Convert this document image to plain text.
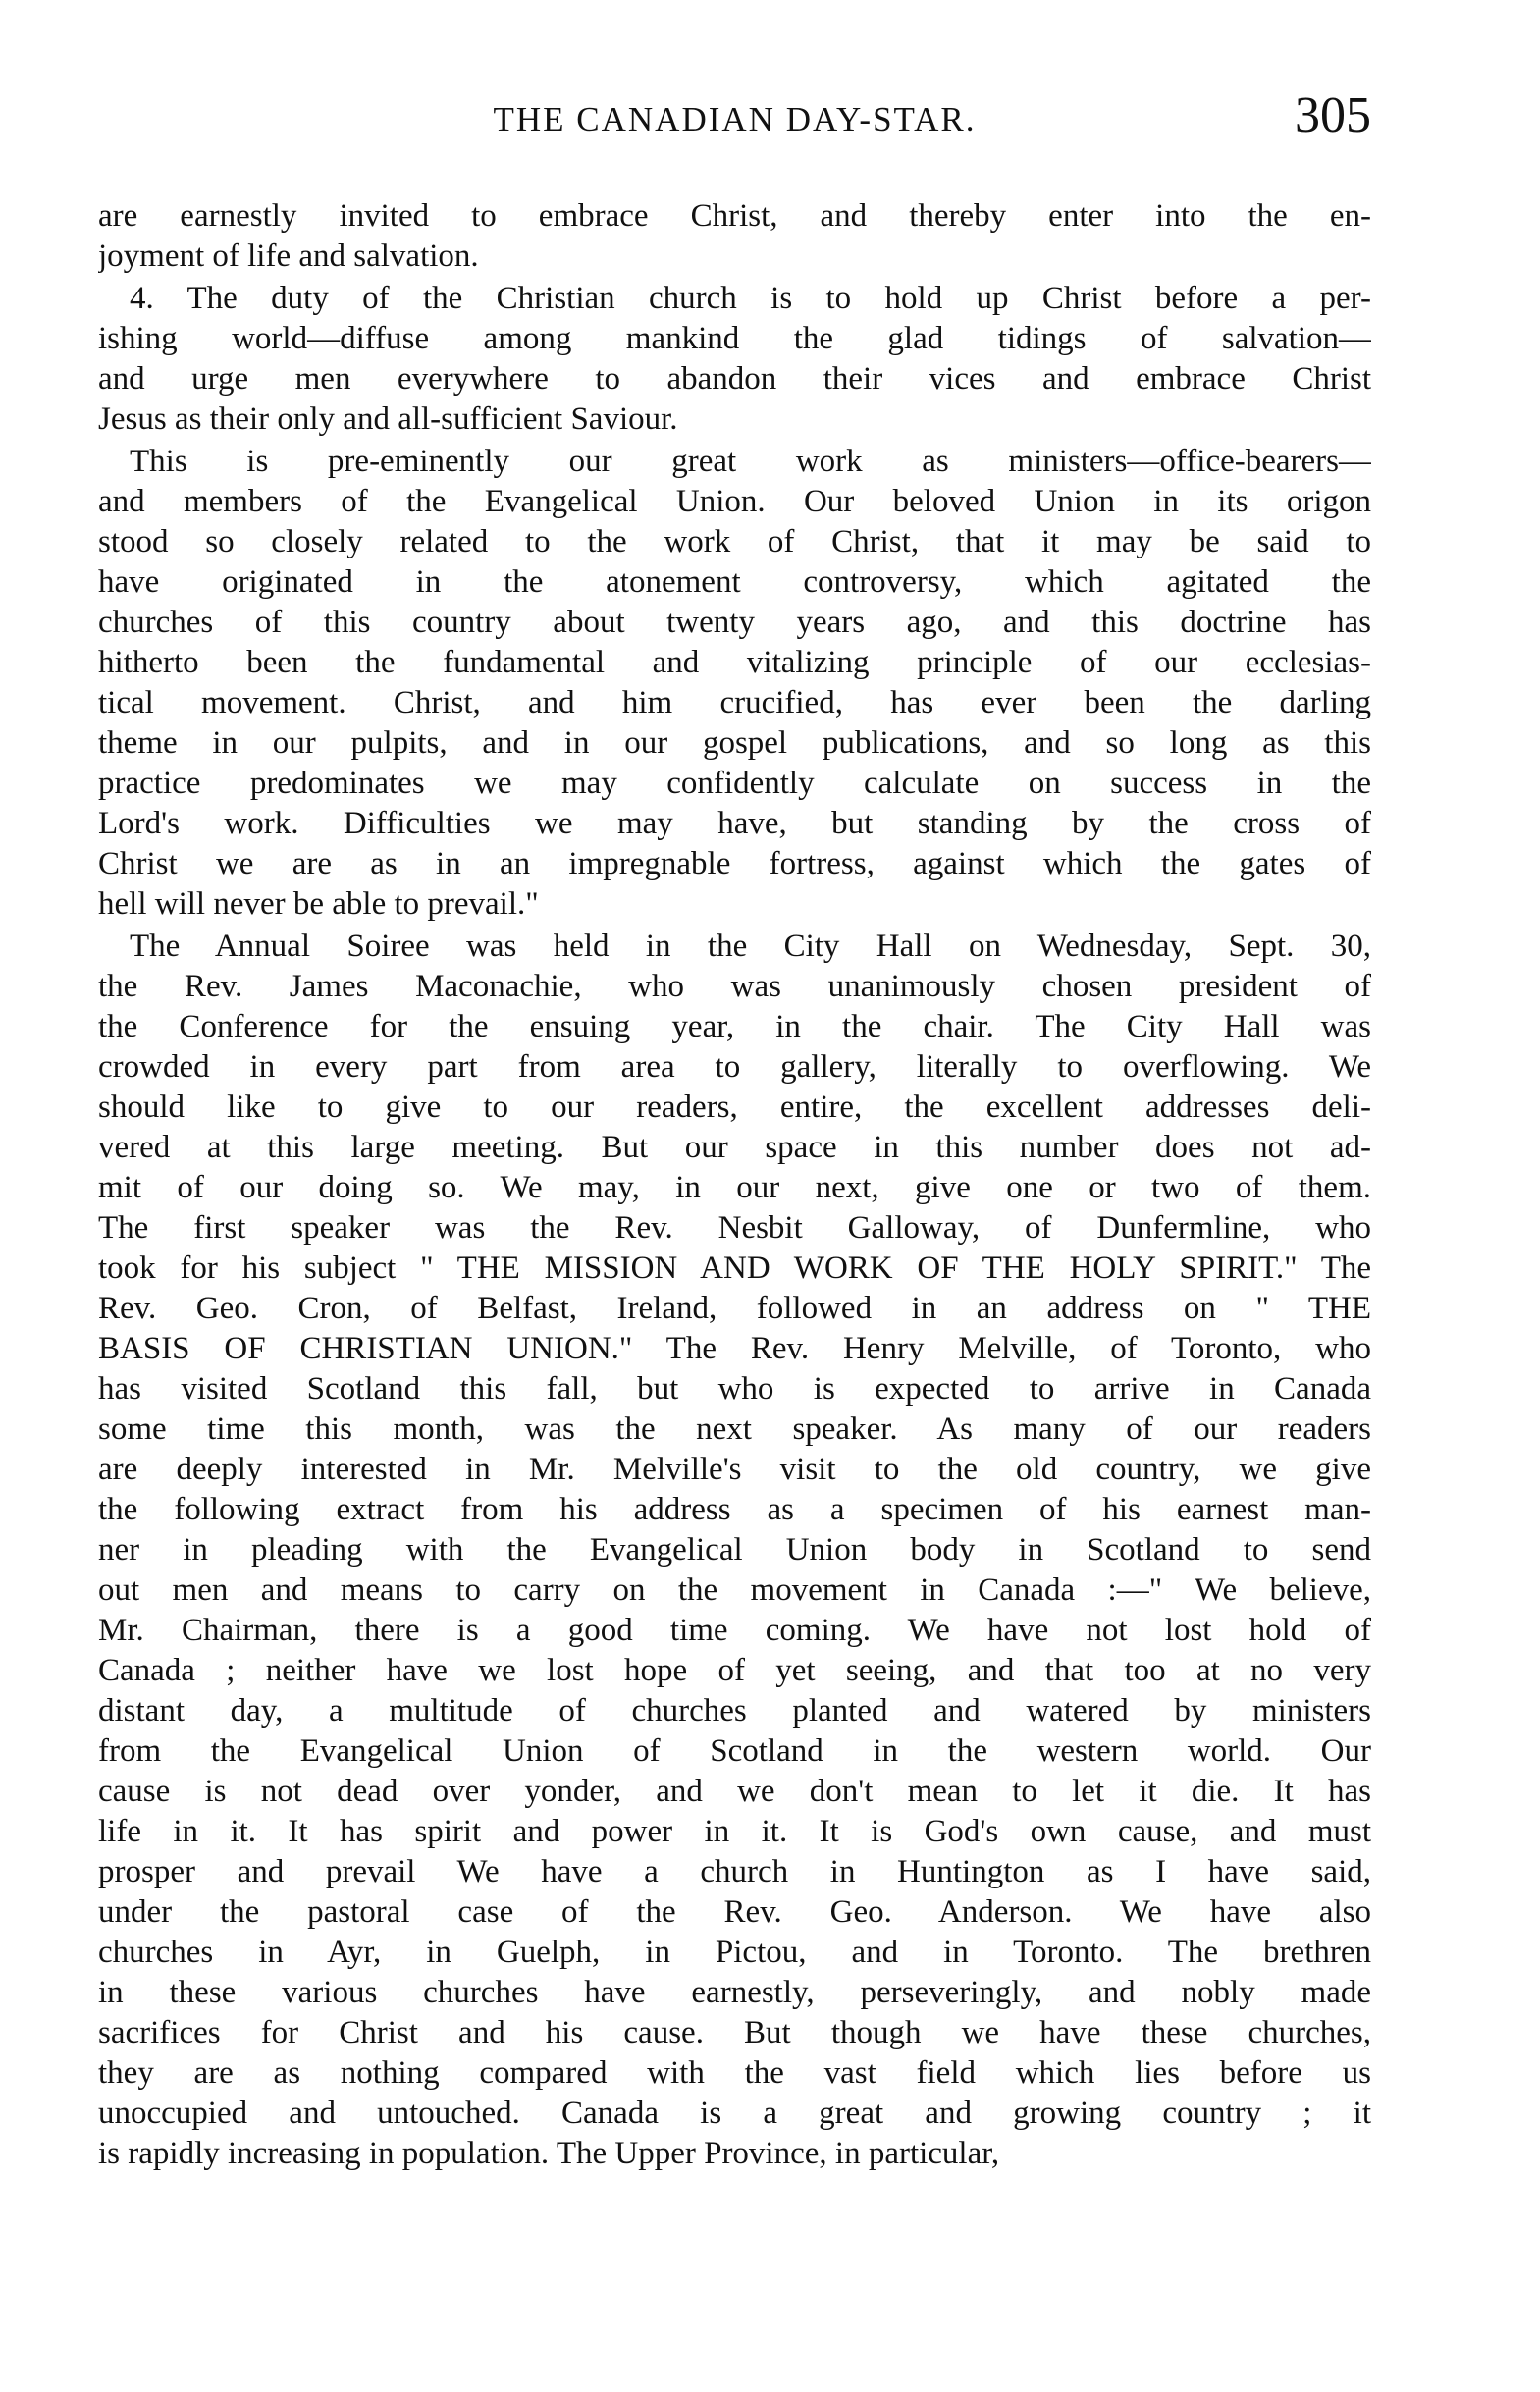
THE CANADIAN DAY-STAR.	305
are earnestly invited to embrace Christ, and thereby enter into the en-
joyment of life and salvation.
4. The duty of the Christian church is to hold up Christ before a per-
ishing world—diffuse among mankind the glad tidings of salvation—
and urge men everywhere to abandon their vices and embrace Christ
Jesus as their only and all-sufficient Saviour.
This is pre-eminently our great work as ministers—office-bearers—
and members of the Evangelical Union. Our beloved Union in its origon
stood so closely related to the work of Christ, that it may be said to
have originated in the atonement controversy, which agitated the
churches of this country about twenty years ago, and this doctrine has
hitherto been the fundamental and vitalizing principle of our ecclesias-
tical movement. Christ, and him crucified, has ever been the darling
theme in our pulpits, and in our gospel publications, and so long as this
practice predominates we may confidently calculate on success in the
Lord's work. Difficulties we may have, but standing by the cross of
Christ we are as in an impregnable fortress, against which the gates of
hell will never be able to prevail."
The Annual Soiree was held in the City Hall on Wednesday, Sept. 30,
the Rev. James Maconachie, who was unanimously chosen president of
the Conference for the ensuing year, in the chair. The City Hall was
crowded in every part from area to gallery, literally to overflowing. We
should like to give to our readers, entire, the excellent addresses deli-
vered at this large meeting. But our space in this number does not ad-
mit of our doing so. We may, in our next, give one or two of them.
The first speaker was the Rev. Nesbit Galloway, of Dunfermline, who
took for his subject " THE MISSION AND WORK OF THE HOLY SPIRIT." The
Rev. Geo. Cron, of Belfast, Ireland, followed in an address on " THE
BASIS OF CHRISTIAN UNION." The Rev. Henry Melville, of Toronto, who
has visited Scotland this fall, but who is expected to arrive in Canada
some time this month, was the next speaker. As many of our readers
are deeply interested in Mr. Melville's visit to the old country, we give
the following extract from his address as a specimen of his earnest man-
ner in pleading with the Evangelical Union body in Scotland to send
out men and means to carry on the movement in Canada :—" We believe,
Mr. Chairman, there is a good time coming. We have not lost hold of
Canada ; neither have we lost hope of yet seeing, and that too at no very
distant day, a multitude of churches planted and watered by ministers
from the Evangelical Union of Scotland in the western world. Our
cause is not dead over yonder, and we don't mean to let it die. It has
life in it. It has spirit and power in it. It is God's own cause, and must
prosper and prevail We have a church in Huntington as I have said,
under the pastoral case of the Rev. Geo. Anderson. We have also
churches in Ayr, in Guelph, in Pictou, and in Toronto. The brethren
in these various churches have earnestly, perseveringly, and nobly made
sacrifices for Christ and his cause. But though we have these churches,
they are as nothing compared with the vast field which lies before us
unoccupied and untouched. Canada is a great and growing country ; it
is rapidly increasing in population. The Upper Province, in particular,
